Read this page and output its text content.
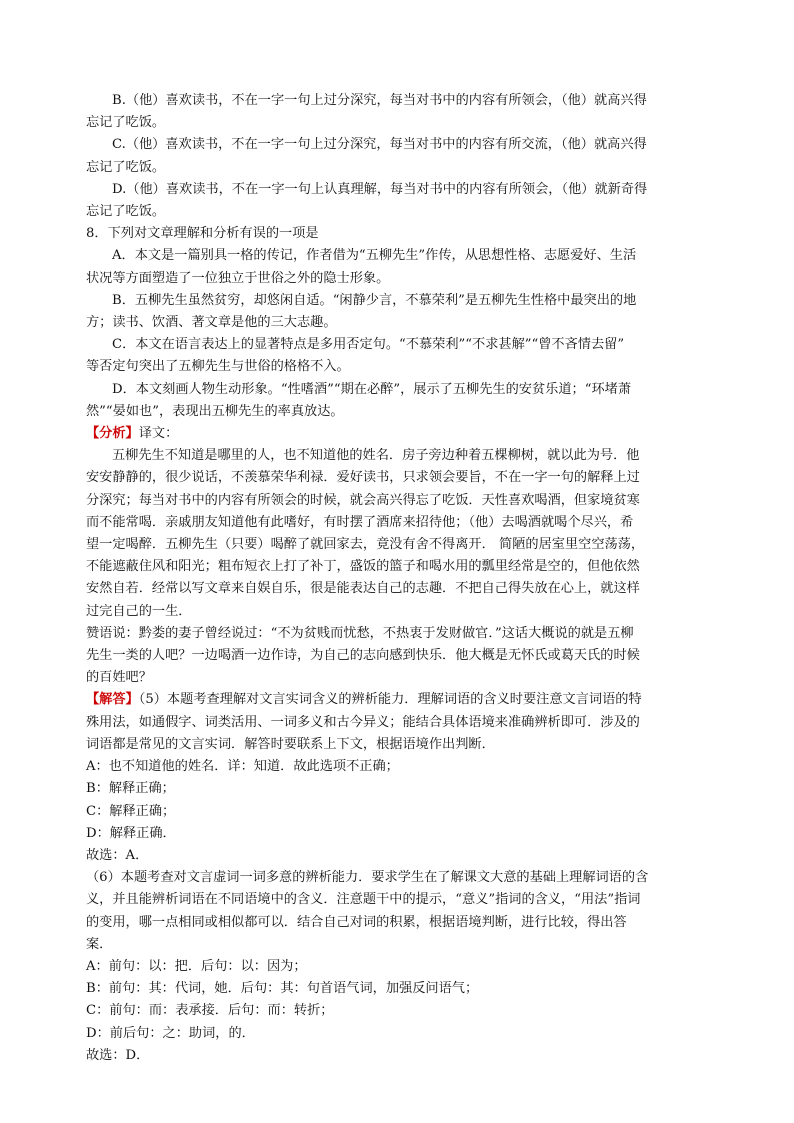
B.（他）喜欢读书，不在一字一句上过分深究，每当对书中的内容有所领会，（他）就高兴得

忘记了吃饭。

C.（他）喜欢读书，不在一字一句上过分深究，每当对书中的内容有所交流，（他）就高兴得

忘记了吃饭。

D.（他）喜欢读书，不在一字一句上认真理解，每当对书中的内容有所领会，（他）就新奇得

忘记了吃饭。

8．下列对文章理解和分析有误的一项是

A．本文是一篇别具一格的传记，作者借为“五柳先生”作传，从思想性格、志愿爱好、生活

状况等方面塑造了一位独立于世俗之外的隐士形象。

B．五柳先生虽然贫穷，却悠闲自适。“闲静少言，不慕荣利”是五柳先生性格中最突出的地

方；读书、饮酒、著文章是他的三大志趣。

C．本文在语言表达上的显著特点是多用否定句。“不慕荣利”“不求甚解”“曾不吝情去留”

等否定句突出了五柳先生与世俗的格格不入。

D．本文刻画人物生动形象。“性嗜酒”“期在必醉”，展示了五柳先生的安贫乐道；“环堵萧

然”“晏如也”，表现出五柳先生的率真放达。

【分析】译文：

五柳先生不知道是哪里的人，也不知道他的姓名．房子旁边种着五棵柳树，就以此为号．他

安安静静的，很少说话，不羡慕荣华利禄．爱好读书，只求领会要旨，不在一字一句的解释上过

分深究；每当对书中的内容有所领会的时候，就会高兴得忘了吃饭．天性喜欢喝酒，但家境贫寒

而不能常喝．亲戚朋友知道他有此嗜好，有时摆了酒席来招待他；（他）去喝酒就喝个尽兴，希

望一定喝醉．五柳先生（只要）喝醉了就回家去，竟没有舍不得离开． 简陋的居室里空空荡荡，

不能遮蔽住风和阳光；粗布短衣上打了补丁，盛饭的篮子和喝水用的瓢里经常是空的，但他依然

安然自若．经常以写文章来自娱自乐，很是能表达自己的志趣．不把自己得失放在心上，就这样

过完自己的一生．

赞语说：黔娄的妻子曾经说过：“不为贫贱而忧愁，不热衷于发财做官．”这话大概说的就是五柳

先生一类的人吧？一边喝酒一边作诗，为自己的志向感到快乐．他大概是无怀氏或葛天氏的时候

的百姓吧？

【解答】（5）本题考查理解对文言实词含义的辨析能力．理解词语的含义时要注意文言词语的特

殊用法，如通假字、词类活用、一词多义和古今异义；能结合具体语境来准确辨析即可．涉及的

词语都是常见的文言实词．解答时要联系上下文，根据语境作出判断．

A：也不知道他的姓名．详：知道．故此选项不正确；

B：解释正确；

C：解释正确；

D：解释正确．

故选：A．

（6）本题考查对文言虚词一词多意的辨析能力．要求学生在了解课文大意的基础上理解词语的含

义，并且能辨析词语在不同语境中的含义．注意题干中的提示，“意义”指词的含义，“用法”指词

的变用，哪一点相同或相似都可以．结合自己对词的积累，根据语境判断，进行比较，得出答

案．

A：前句：以：把．后句：以：因为；

B：前句：其：代词，她．后句：其：句首语气词，加强反问语气；

C：前句：而：表承接．后句：而：转折；

D：前后句：之：助词，的．

故选：D．
